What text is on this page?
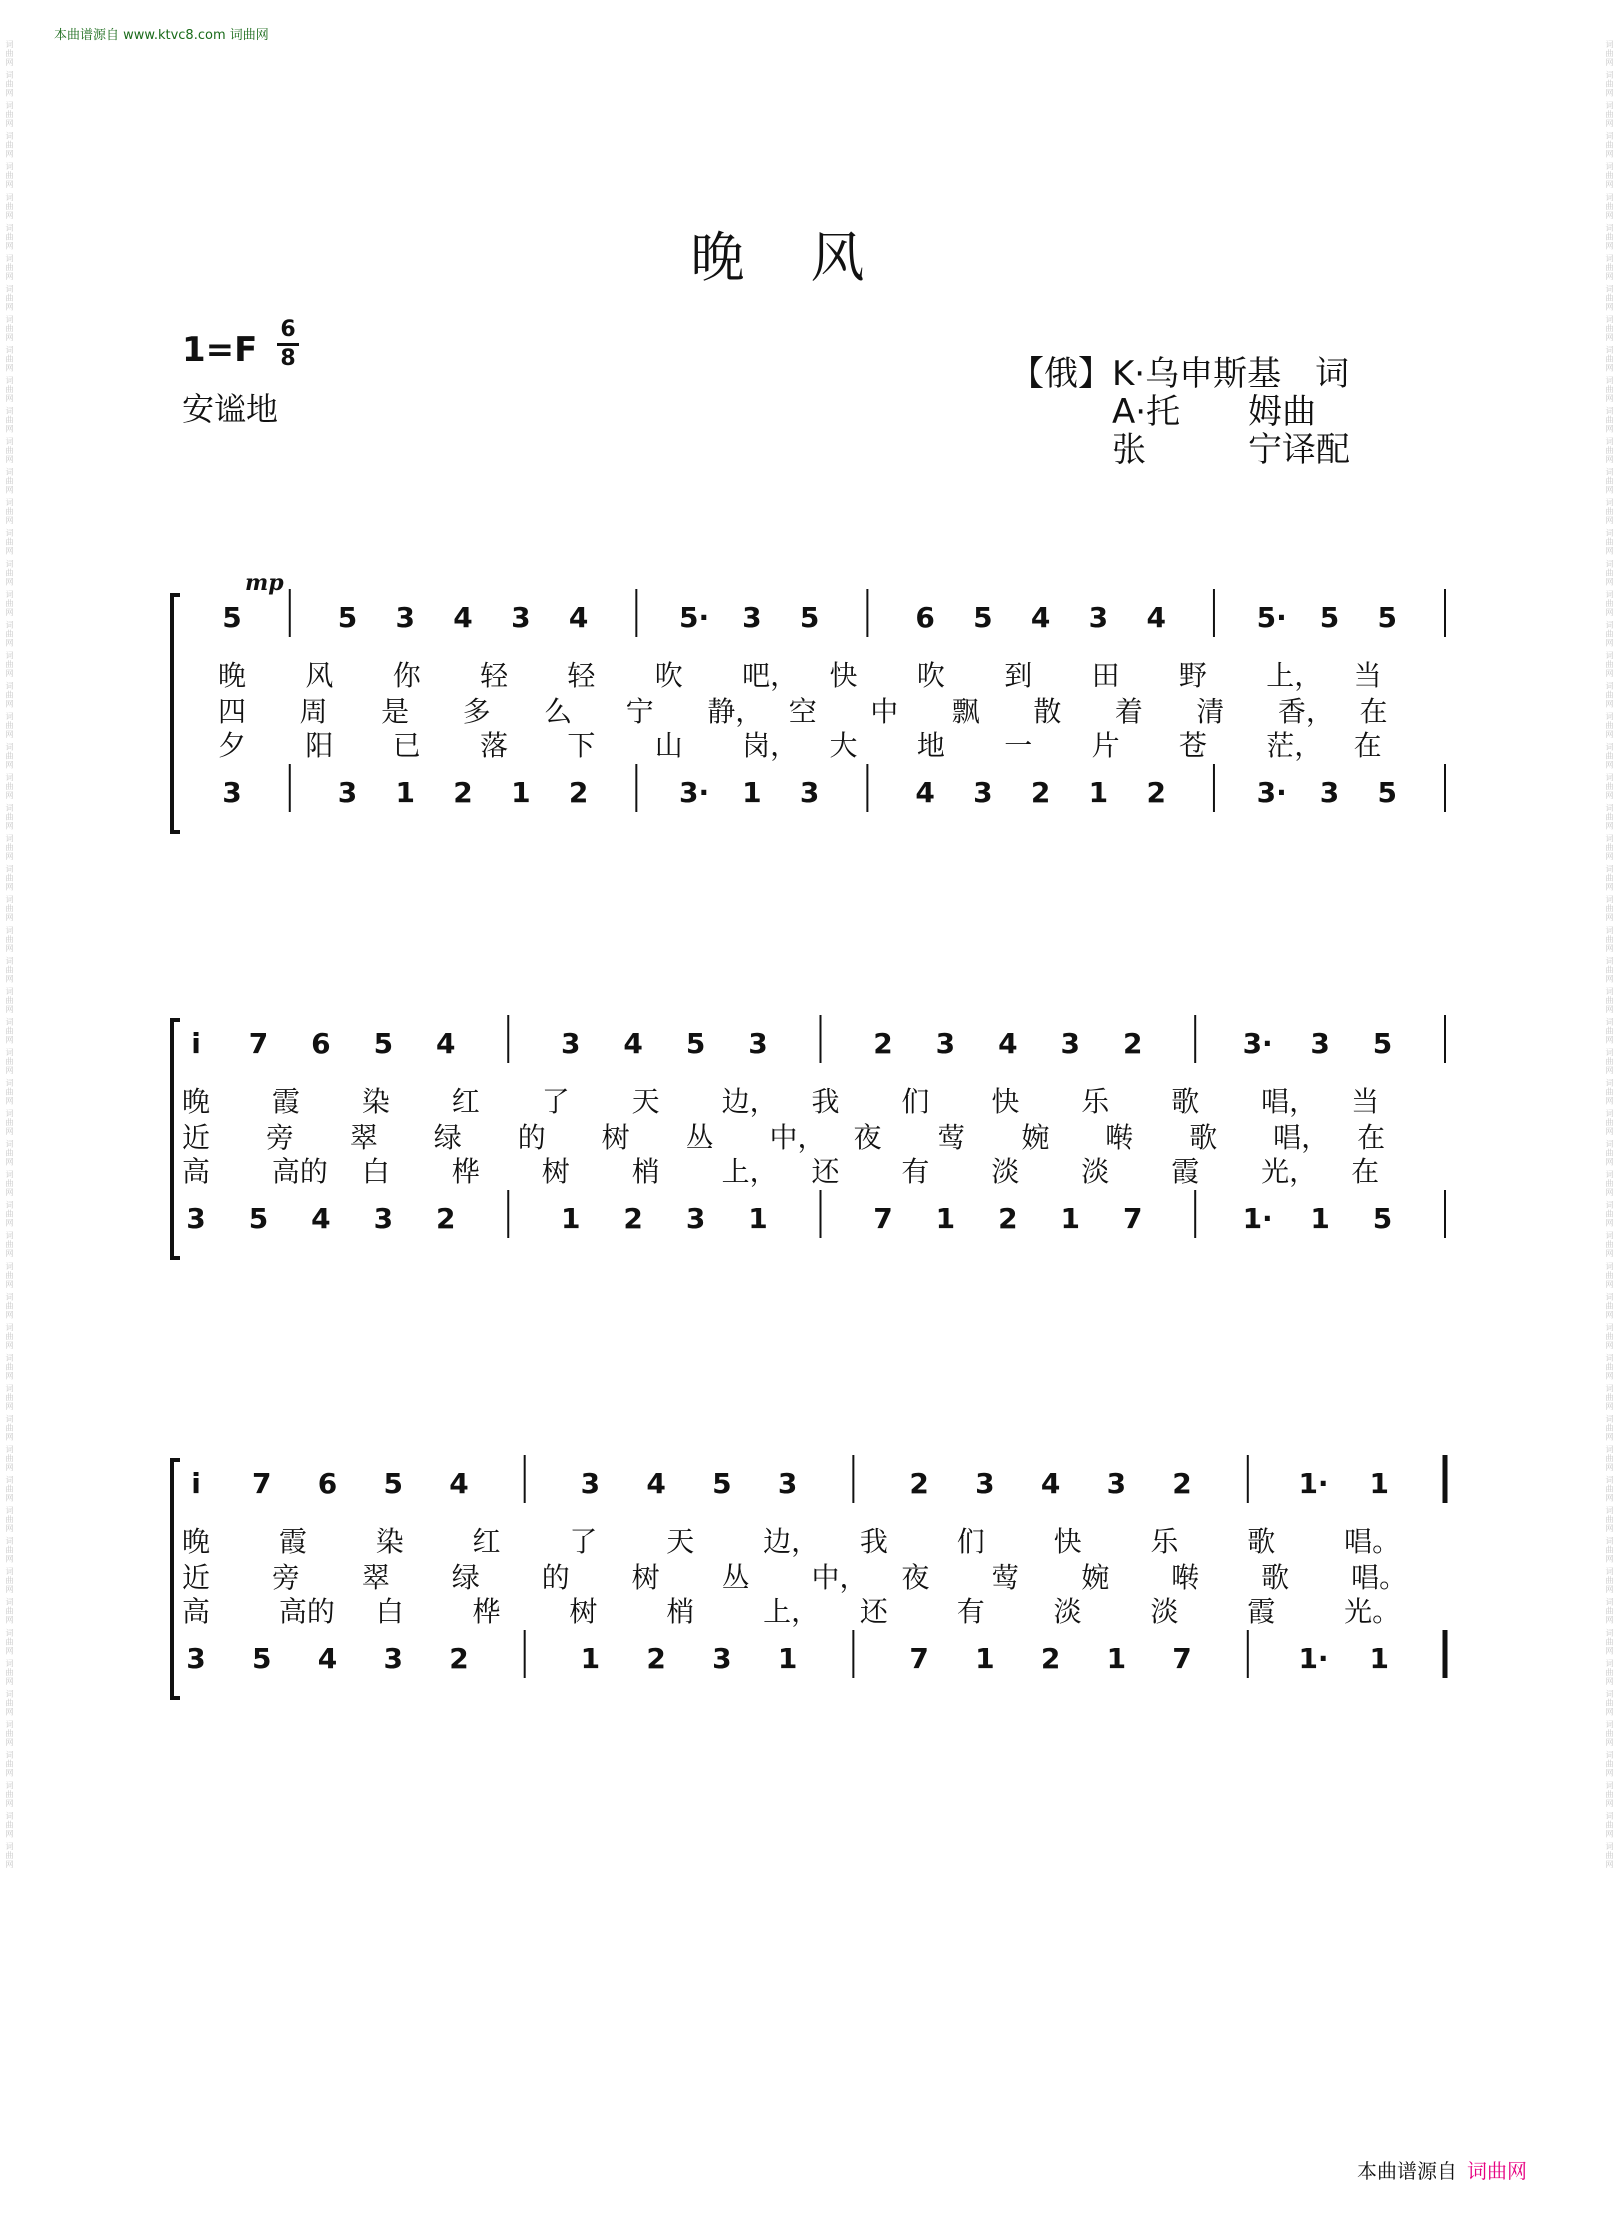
本曲谱源自 www.ktvc8.com 词曲网
词曲网 词曲网 词曲网 词曲网 词曲网 词曲网 词曲网 词曲网 词曲网 词曲网 词曲网 词曲网 词曲网 词曲网 词曲网 词曲网 词曲网 词曲网 词曲网 词曲网 词曲网 词曲网 词曲网 词曲网 词曲网 词曲网 词曲网 词曲网 词曲网 词曲网 词曲网 词曲网 词曲网 词曲网 词曲网 词曲网 词曲网 词曲网 词曲网 词曲网 词曲网 词曲网 词曲网 词曲网 词曲网 词曲网 词曲网 词曲网 词曲网 词曲网 词曲网 词曲网 词曲网 词曲网 词曲网 词曲网 词曲网 词曲网 词曲网 词曲网	词曲网 词曲网 词曲网 词曲网 词曲网 词曲网 词曲网 词曲网 词曲网 词曲网 词曲网 词曲网 词曲网 词曲网 词曲网 词曲网 词曲网 词曲网 词曲网 词曲网 词曲网 词曲网 词曲网 词曲网 词曲网 词曲网 词曲网 词曲网 词曲网 词曲网 词曲网 词曲网 词曲网 词曲网 词曲网 词曲网 词曲网 词曲网 词曲网 词曲网 词曲网 词曲网 词曲网 词曲网 词曲网 词曲网 词曲网 词曲网 词曲网 词曲网 词曲网 词曲网 词曲网 词曲网 词曲网 词曲网 词曲网 词曲网 词曲网 词曲网
晚风
1=F
6
8
安谧地
【俄】K·乌申斯基　词
　　　A·托　　姆曲
　　　张　　　宁译配
5	5 3 4 3 4	5· 3 5	6 5 4 3 4	5· 5 5
3	3 1 2 1 2	3· 1 3	4 3 2 1 2	3· 3 5
i 7 6 5 4	3 4 5 3	2 3 4 3 2	3· 3 5
3 5 4 3 2	1 2 3 1	7 1 2 1 7	1· 1 5
i 7 6 5 4	3 4 5 3	2 3 4 3 2	1· 1
3 5 4 3 2	1 2 3 1	7 1 2 1 7	1· 1
mp
晚 风 你 轻 轻 吹 吧， 快 吹 到 田 野 上， 当
四 周 是 多 么 宁 静， 空 中 飘 散 着 清 香， 在
夕 阳 已 落 下 山 岗， 大 地 一 片 苍 茫， 在
晚 霞 染 红 了 天 边， 我 们 快 乐 歌 唱， 当
近 旁 翠 绿 的 树 丛 中， 夜 莺 婉 啭 歌 唱， 在
高 高的 白 桦 树 梢 上， 还 有 淡 淡 霞 光， 在
晚 霞 染 红 了 天 边， 我 们 快 乐 歌 唱。
近 旁 翠 绿 的 树 丛 中， 夜 莺 婉 啭 歌 唱。
高 高的 白 桦 树 梢 上， 还 有 淡 淡 霞 光。
本曲谱源自 词曲网
